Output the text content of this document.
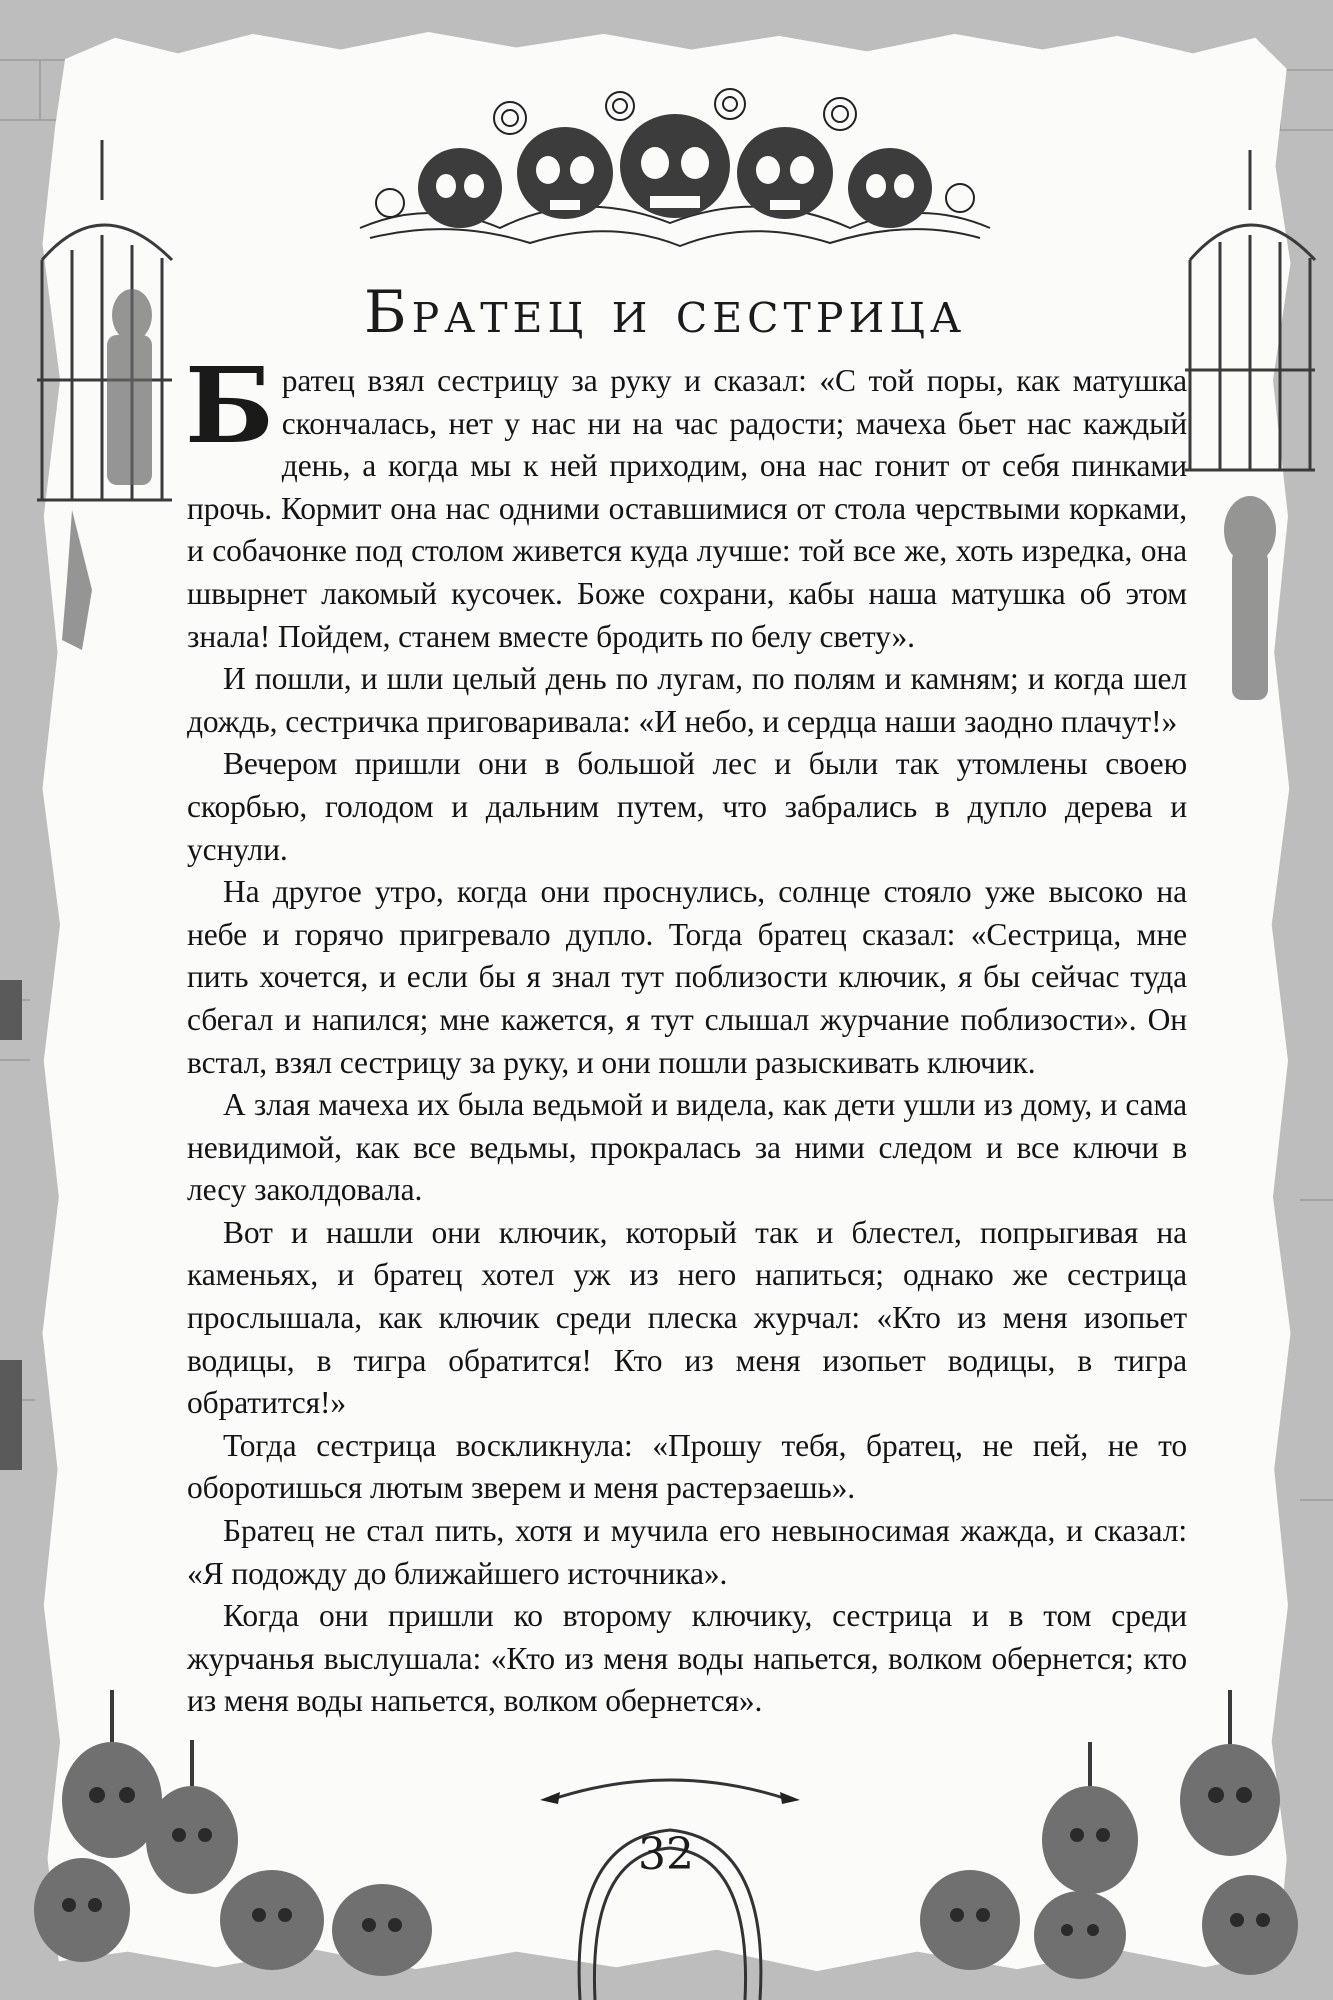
Братец и сестрица

Братец взял сестрицу за руку и сказал: «С той поры, как матушка скончалась, нет у нас ни на час радости; мачеха бьет нас каждый день, а когда мы к ней приходим, она нас гонит от себя пинками прочь. Кормит она нас одними оставшимися от стола черствыми корками, и собачонке под столом живется куда лучше: той все же, хоть изредка, она швырнет лакомый кусочек. Боже сохрани, кабы наша матушка об этом знала! Пойдем, станем вместе бродить по белу свету».

И пошли, и шли целый день по лугам, по полям и камням; и когда шел дождь, сестричка приговаривала: «И небо, и сердца наши заодно плачут!»

Вечером пришли они в большой лес и были так утомлены своею скорбью, голодом и дальним путем, что забрались в дупло дерева и уснули.

На другое утро, когда они проснулись, солнце стояло уже высоко на небе и горячо пригревало дупло. Тогда братец сказал: «Сестрица, мне пить хочется, и если бы я знал тут поблизости ключик, я бы сейчас туда сбегал и напился; мне кажется, я тут слышал журчание поблизости». Он встал, взял сестрицу за руку, и они пошли разыскивать ключик.

А злая мачеха их была ведьмой и видела, как дети ушли из дому, и сама невидимой, как все ведьмы, прокралась за ними следом и все ключи в лесу заколдовала.

Вот и нашли они ключик, который так и блестел, попрыгивая на каменьях, и братец хотел уж из него напиться; однако же сестрица прослышала, как ключик среди плеска журчал: «Кто из меня изопьет водицы, в тигра обратится! Кто из меня изопьет водицы, в тигра обратится!»

Тогда сестрица воскликнула: «Прошу тебя, братец, не пей, не то оборотишься лютым зверем и меня растерзаешь».

Братец не стал пить, хотя и мучила его невыносимая жажда, и сказал: «Я подожду до ближайшего источника».

Когда они пришли ко второму ключику, сестрица и в том среди журчанья выслушала: «Кто из меня воды напьется, волком обернется; кто из меня воды напьется, волком обернется».

32
